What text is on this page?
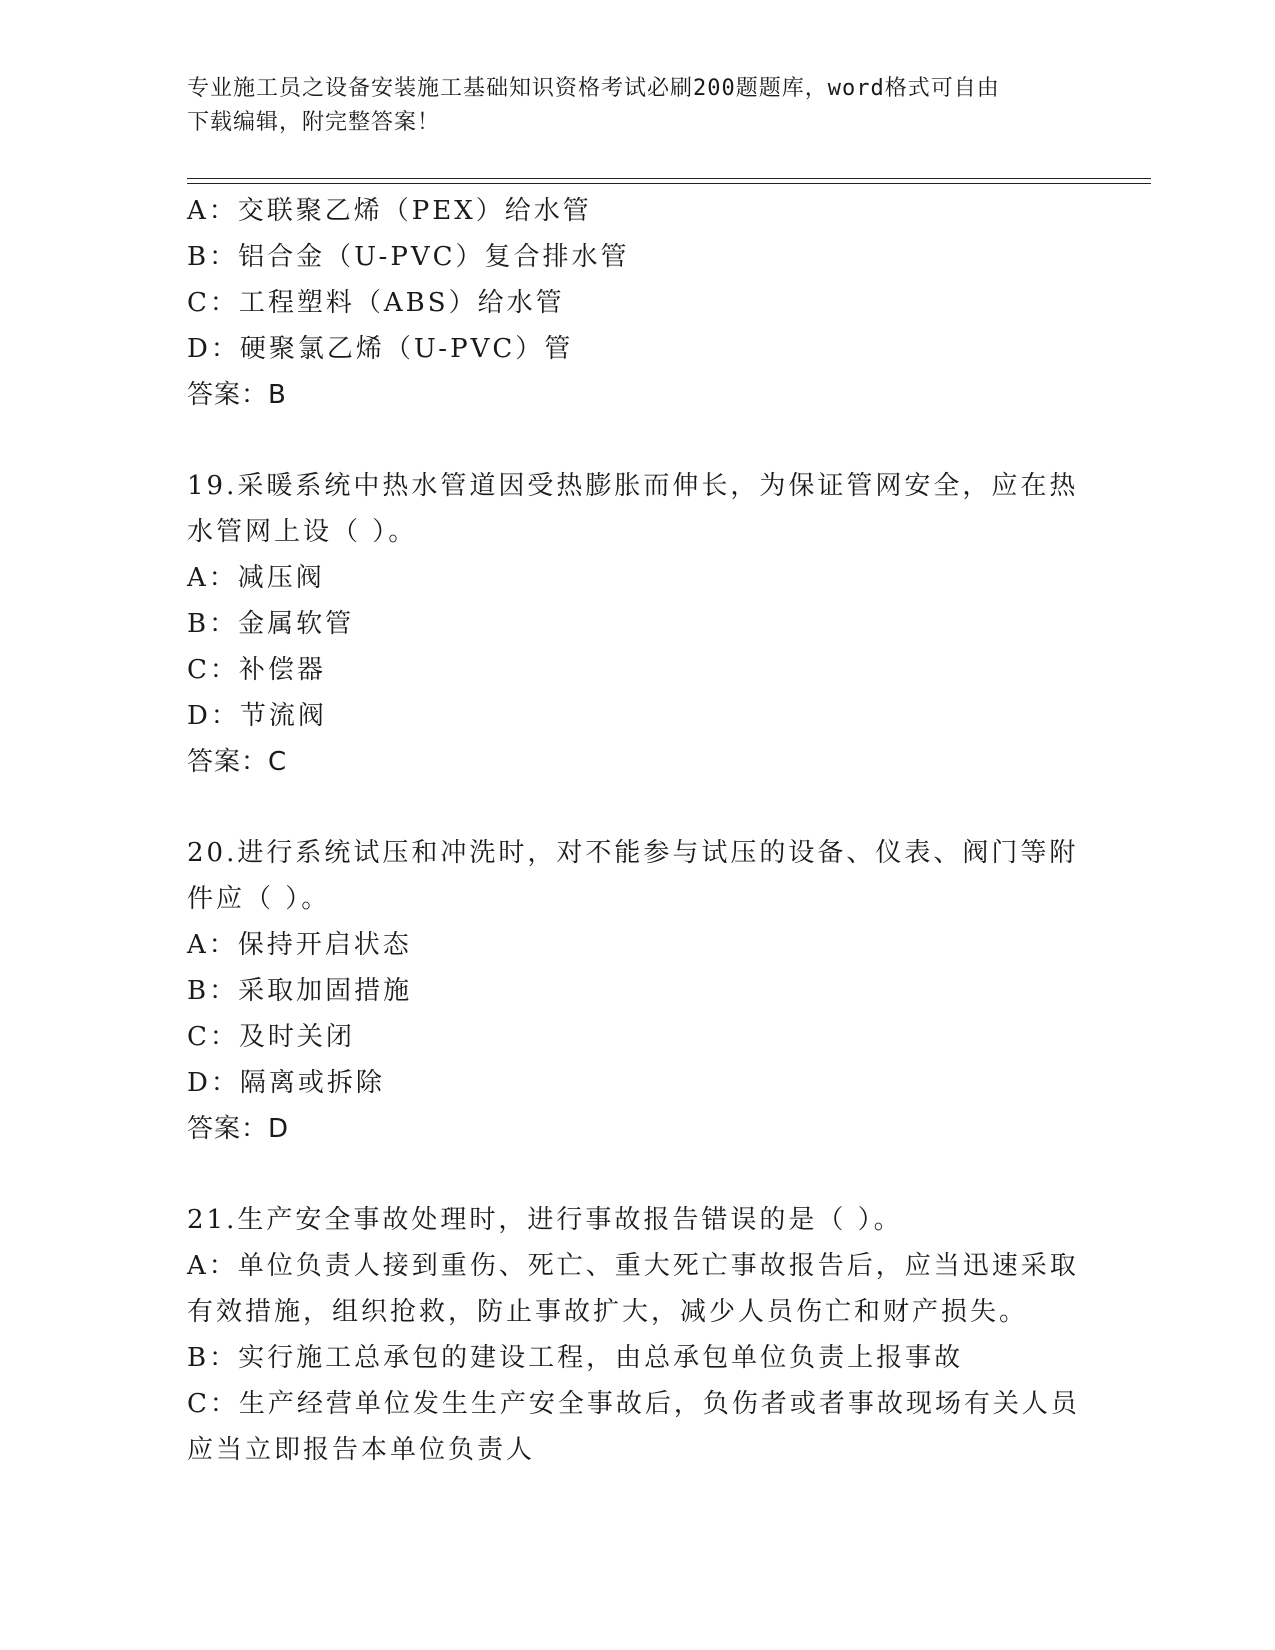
专业施工员之设备安装施工基础知识资格考试必刷200题题库，word格式可自由
下载编辑，附完整答案！
A：交联聚乙烯（PEX）给水管
B：铝合金（U-PVC）复合排水管
C：工程塑料（ABS）给水管
D：硬聚氯乙烯（U-PVC）管
答案：B
19.采暖系统中热水管道因受热膨胀而伸长，为保证管网安全，应在热
水管网上设（ ）。
A：减压阀
B：金属软管
C：补偿器
D：节流阀
答案：C
20.进行系统试压和冲洗时，对不能参与试压的设备、仪表、阀门等附
件应（ ）。
A：保持开启状态
B：采取加固措施
C：及时关闭
D：隔离或拆除
答案：D
21.生产安全事故处理时，进行事故报告错误的是（ ）。
A：单位负责人接到重伤、死亡、重大死亡事故报告后，应当迅速采取
有效措施，组织抢救，防止事故扩大，减少人员伤亡和财产损失。
B：实行施工总承包的建设工程，由总承包单位负责上报事故
C：生产经营单位发生生产安全事故后，负伤者或者事故现场有关人员
应当立即报告本单位负责人
